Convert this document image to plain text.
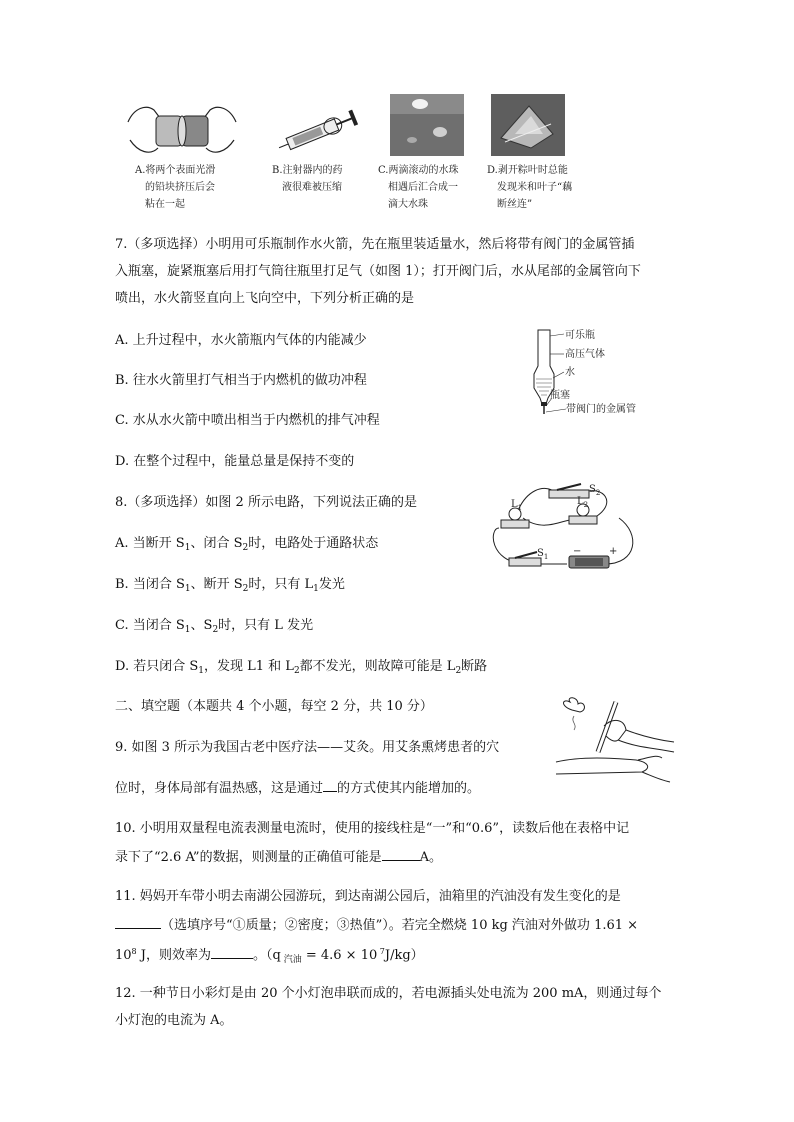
A.将两个表面光滑
的铅块挤压后会
粘在一起
B.注射器内的药
液很难被压缩
C.两滴滚动的水珠
相遇后汇合成一
滴大水珠
D.剥开粽叶时总能
发现米和叶子“藕
断丝连”
7.（多项选择）小明用可乐瓶制作水火箭，先在瓶里装适量水，然后将带有阀门的金属管插
入瓶塞，旋紧瓶塞后用打气筒往瓶里打足气（如图 1）；打开阀门后，水从尾部的金属管向下
喷出，水火箭竖直向上飞向空中，下列分析正确的是
A. 上升过程中，水火箭瓶内气体的内能减少
B. 往水火箭里打气相当于内燃机的做功冲程
C. 水从水火箭中喷出相当于内燃机的排气冲程
D. 在整个过程中，能量总量是保持不变的
可乐瓶
高压气体
水
瓶塞
带阀门的金属管
8.（多项选择）如图 2 所示电路，下列说法正确的是
A. 当断开 $S_1$、闭合 $S_2$时，电路处于通路状态
B. 当闭合 $S_1$、断开 $S_2$时，只有 $L_1$发光
C. 当闭合 $S_1$、$S_2$时，只有 L 发光
D. 若只闭合 $S_1$，发现 L1 和 $L_2$都不发光，则故障可能是 $L_2$断路
$S_2$
$L_1$
$L_2$
$S_1$ −	+
二、填空题（本题共 4 个小题，每空 2 分，共 10 分）
9. 如图 3 所示为我国古老中医疗法——艾灸。用艾条熏烤患者的穴
位时，身体局部有温热感，这是通过 的方式使其内能增加的。
10. 小明用双量程电流表测量电流时，使用的接线柱是“一”和“0.6”，读数后他在表格中记
录下了“2.6 A”的数据，则测量的正确值可能是	A。
11. 妈妈开车带小明去南湖公园游玩，到达南湖公园后，油箱里的汽油没有发生变化的是
（选填序号“①质量；②密度；③热值”）。若完全燃烧 10 kg 汽油对外做功 1.61 ×
$10^8$ J，则效率为	。（q $_{汽油}$ = 4.6 × 10 $^7$J/kg）
12. 一种节日小彩灯是由 20 个小灯泡串联而成的，若电源插头处电流为 200 mA，则通过每个
小灯泡的电流为 A。
